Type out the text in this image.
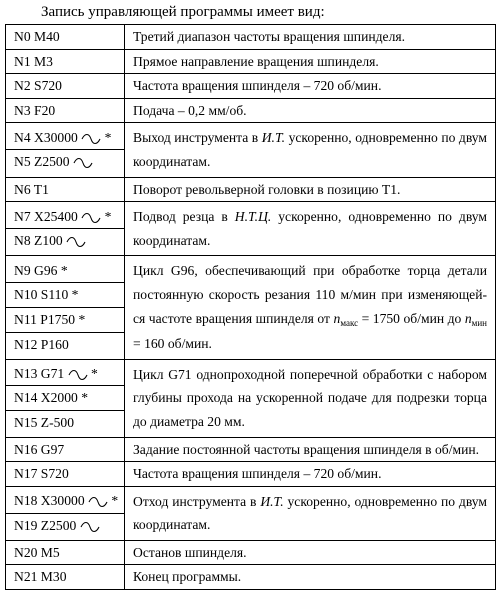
Запись управляющей программы имеет вид:
N0 M40	Третий диапазон частоты вращения шпинделя.

N1 M3	Прямое направление вращения шпинделя.

N2 S720	Частота вращения шпинделя – 720 об/мин.

N3 F20	Подача – 0,2 мм/об.

N4 X30000  *
N5 Z2500	Выход инструмента в И.Т. ускоренно, одновременно по двум координатам.

N6 T1	Поворот револьверной головки в позицию Т1.

N7 X25400  *
N8 Z100	Подвод резца в Н.Т.Ц. ускоренно, одновременно по двум координатам.

N9 G96 *
N10 S110 *
N11 P1750 *
N12 P160	Цикл G96, обеспечивающий при обработке торца детали постоянную скорость резания 110 м/мин при изменяющей-ся частоте вращения шпинделя от $n_{макс} = 1750$ об/мин до $n_{мин} = 160$ об/мин.

N13 G71  *
N14 X2000 *
N15 Z-500	Цикл G71 однопроходной поперечной обработки с набором глубины прохода на ускоренной подаче для подрезки торца до диаметра 20 мм.

N16 G97	Задание постоянной частоты вращения шпинделя в об/мин.

N17 S720	Частота вращения шпинделя – 720 об/мин.

N18 X30000  *
N19 Z2500	Отход инструмента в И.Т. ускоренно, одновременно по двум координатам.

N20 M5	Останов шпинделя.

N21 M30	Конец программы.
